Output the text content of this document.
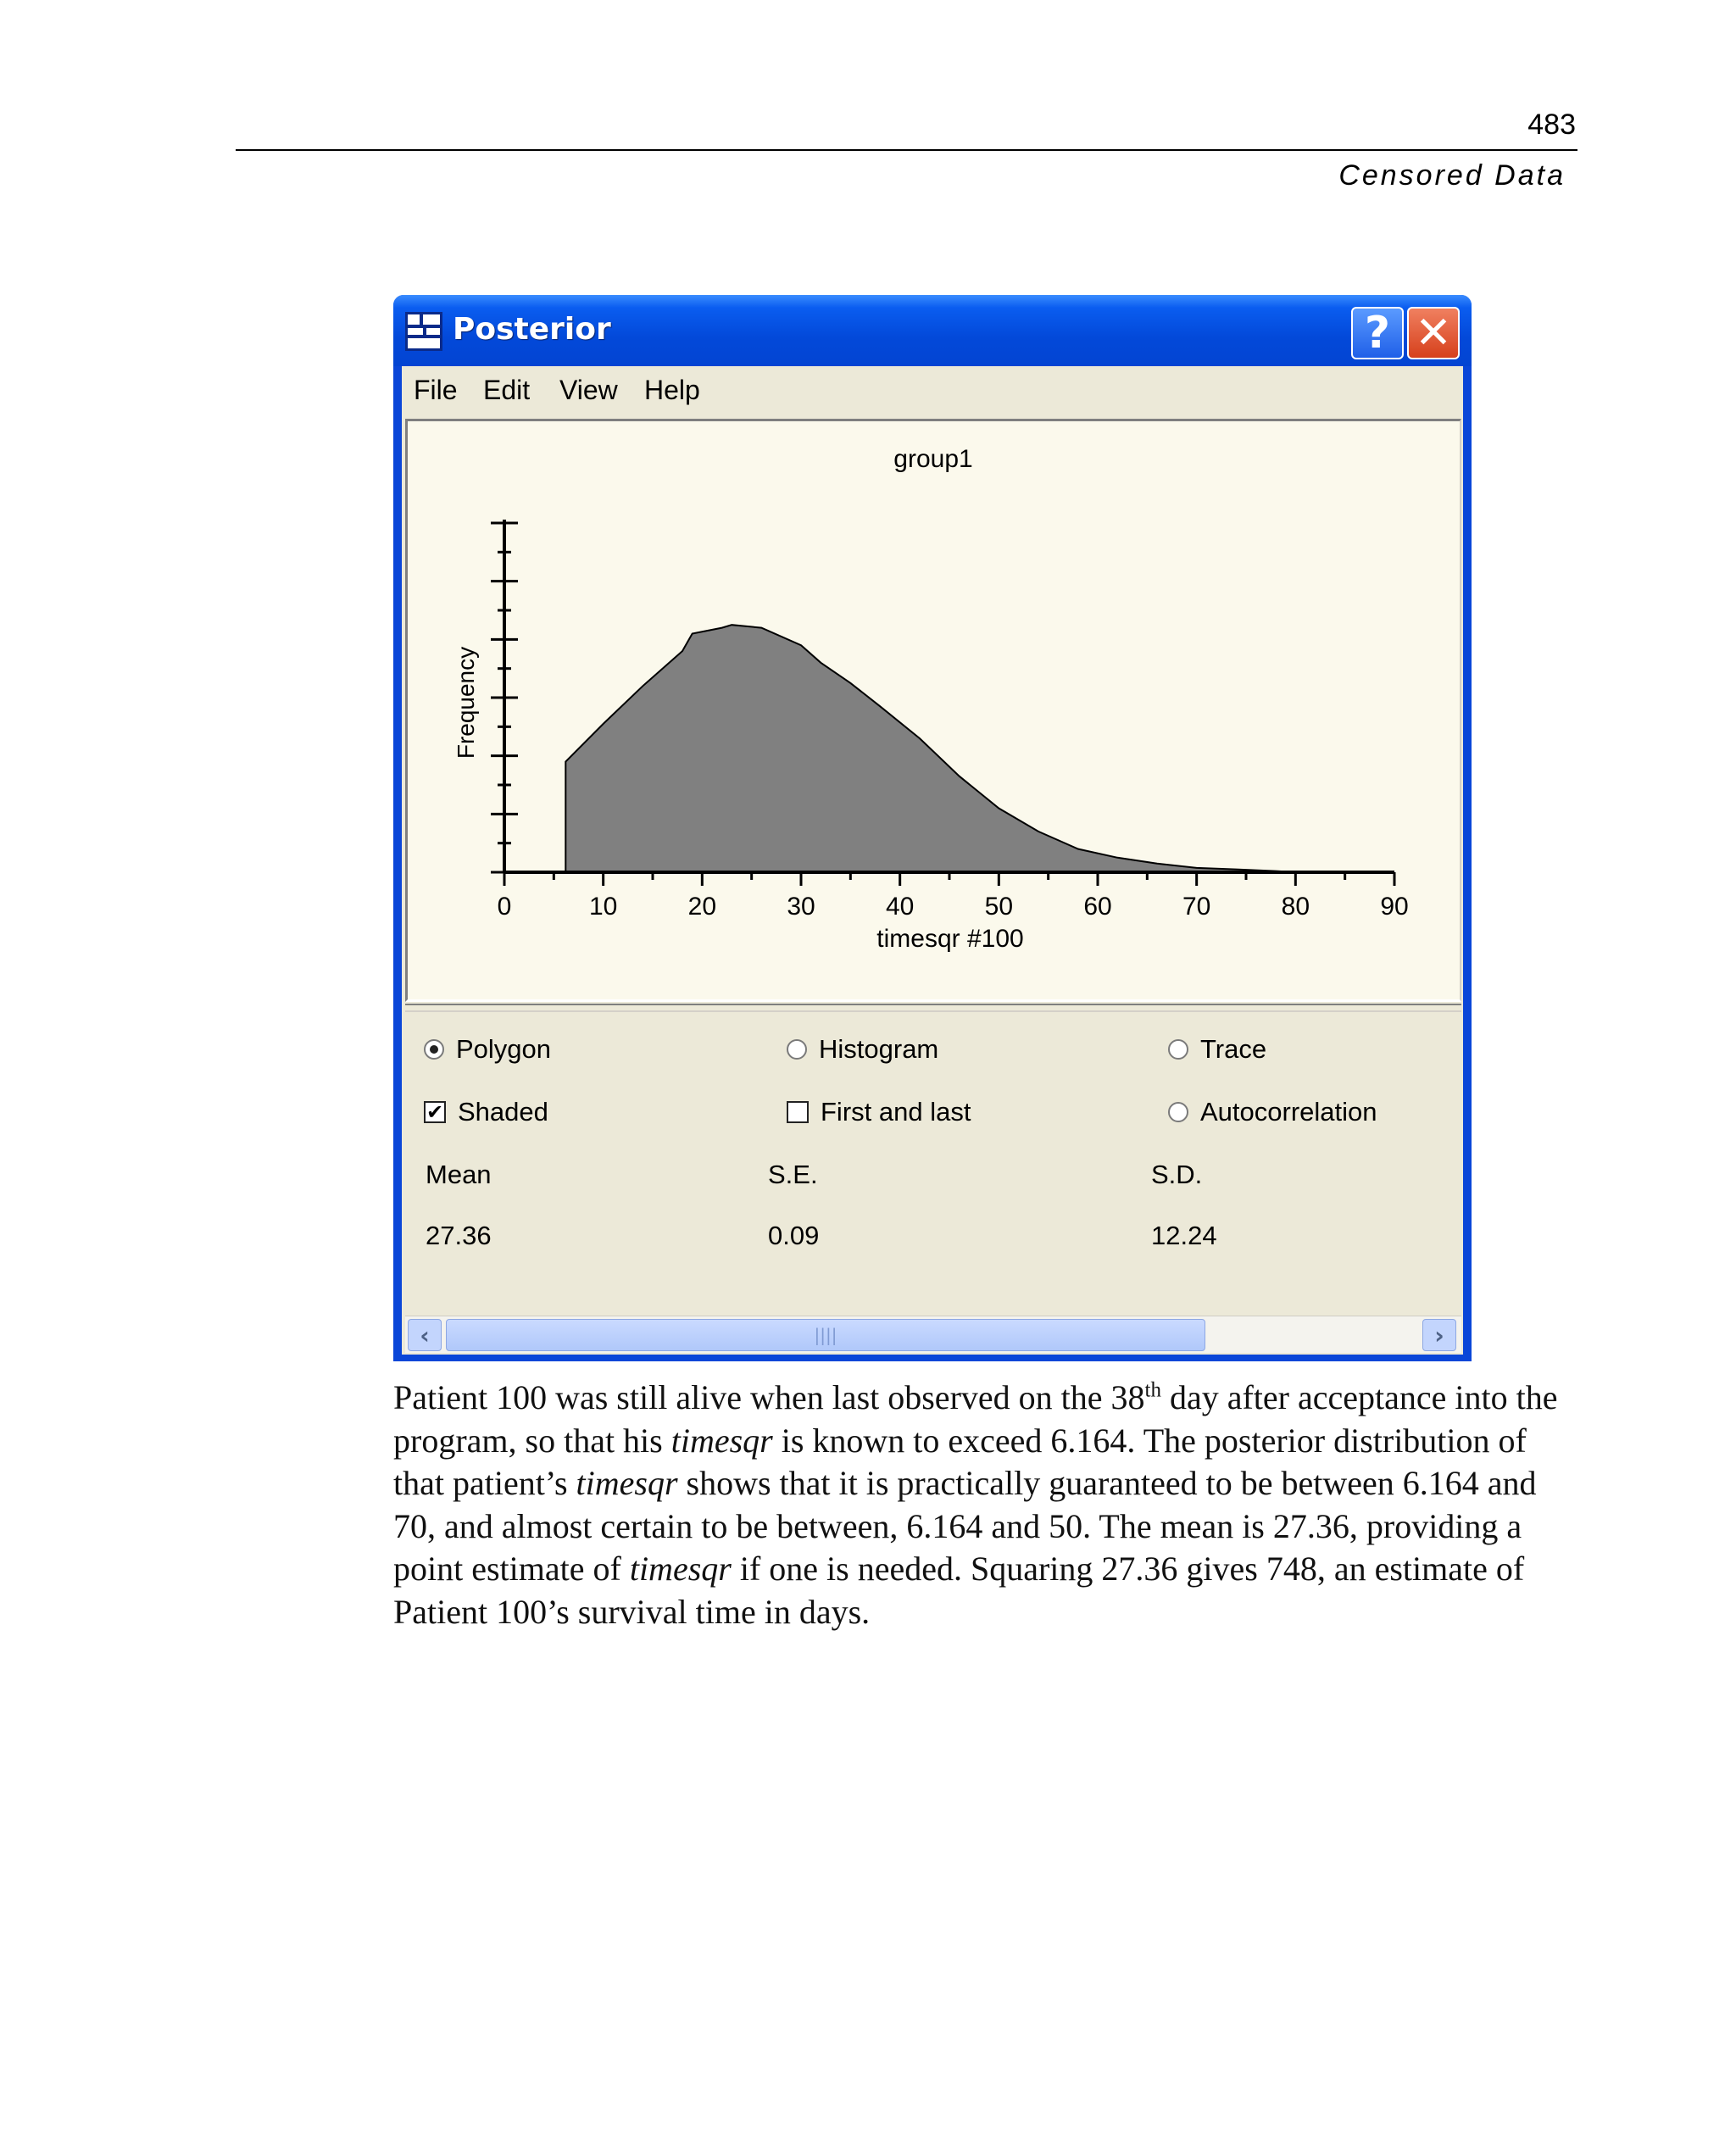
483
Censored Data
Posterior	? ✕
File Edit View Help
group1
0	10	20	30	40	50	60	70	80	90
timesqr #100
Frequency
Polygon	Histogram	Trace
✔ Shaded	First and last	Autocorrelation
Mean	S.E.	S.D.
27.36	0.09	12.24
‹	||||	›
Patient 100 was still alive when last observed on the 38th day after acceptance into the
program, so that his timesqr is known to exceed 6.164. The posterior distribution of
that patient’s timesqr shows that it is practically guaranteed to be between 6.164 and
70, and almost certain to be between, 6.164 and 50. The mean is 27.36, providing a
point estimate of timesqr if one is needed. Squaring 27.36 gives 748, an estimate of
Patient 100’s survival time in days.
